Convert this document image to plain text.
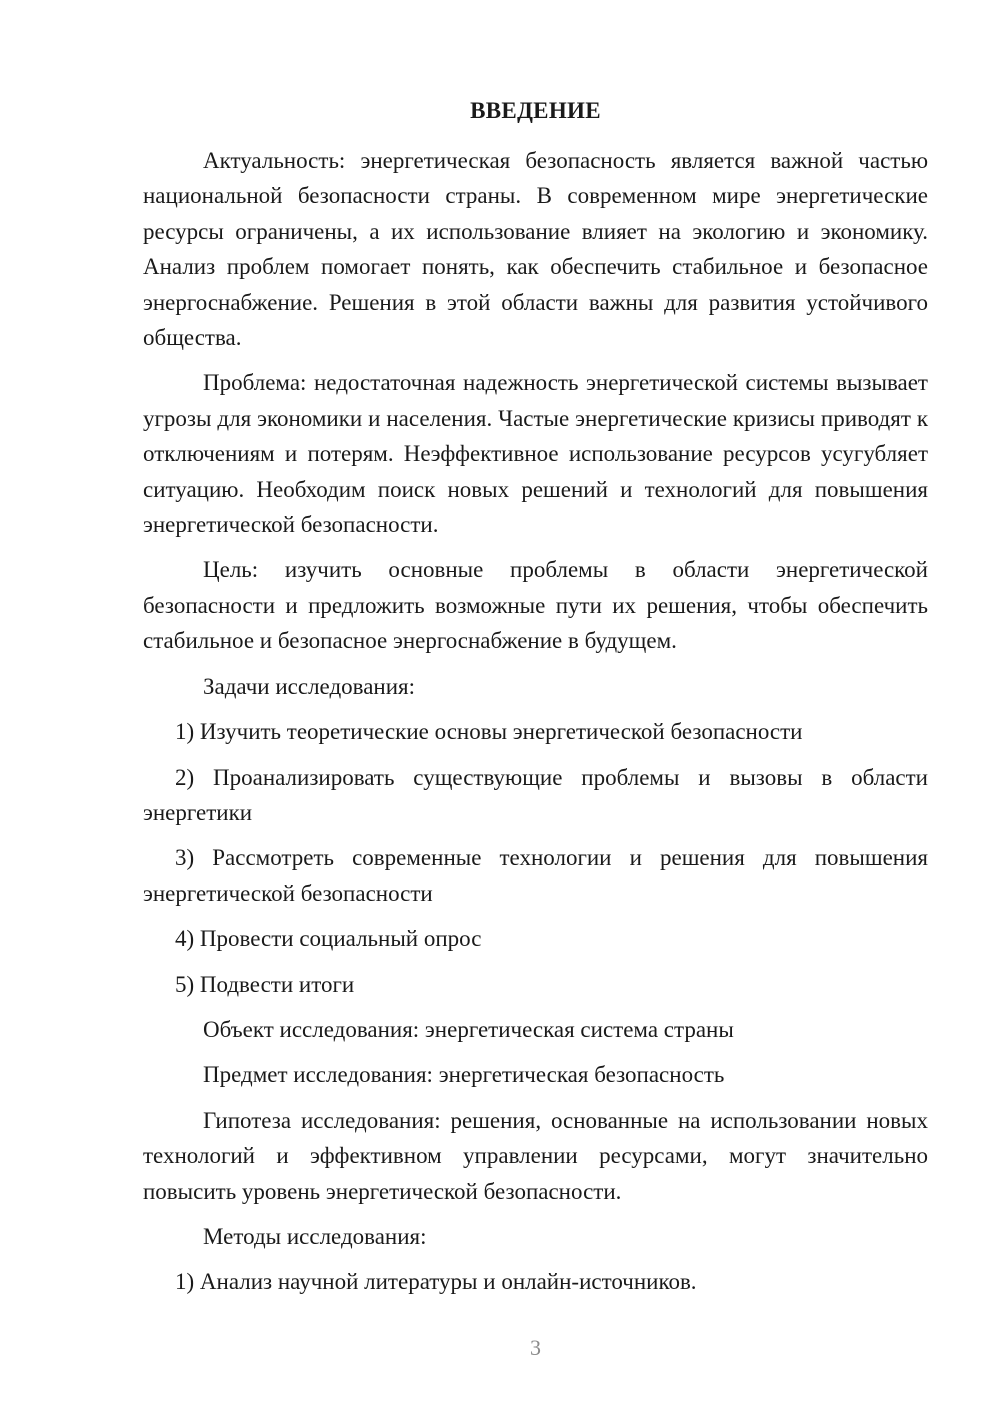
ВВЕДЕНИЕ

Актуальность: энергетическая безопасность является важной частью национальной безопасности страны. В современном мире энергетические ресурсы ограничены, а их использование влияет на экологию и экономику. Анализ проблем помогает понять, как обеспечить стабильное и безопасное энергоснабжение. Решения в этой области важны для развития устойчивого общества.

Проблема: недостаточная надежность энергетической системы вызывает угрозы для экономики и населения. Частые энергетические кризисы приводят к отключениям и потерям. Неэффективное использование ресурсов усугубляет ситуацию. Необходим поиск новых решений и технологий для повышения энергетической безопасности.

Цель: изучить основные проблемы в области энергетической безопасности и предложить возможные пути их решения, чтобы обеспечить стабильное и безопасное энергоснабжение в будущем.

Задачи исследования:

1) Изучить теоретические основы энергетической безопасности

2) Проанализировать существующие проблемы и вызовы в области энергетики

3) Рассмотреть современные технологии и решения для повышения энергетической безопасности

4) Провести социальный опрос

5) Подвести итоги

Объект исследования: энергетическая система страны

Предмет исследования: энергетическая безопасность

Гипотеза исследования: решения, основанные на использовании новых технологий и эффективном управлении ресурсами, могут значительно повысить уровень энергетической безопасности.

Методы исследования:

1) Анализ научной литературы и онлайн-источников.

3
